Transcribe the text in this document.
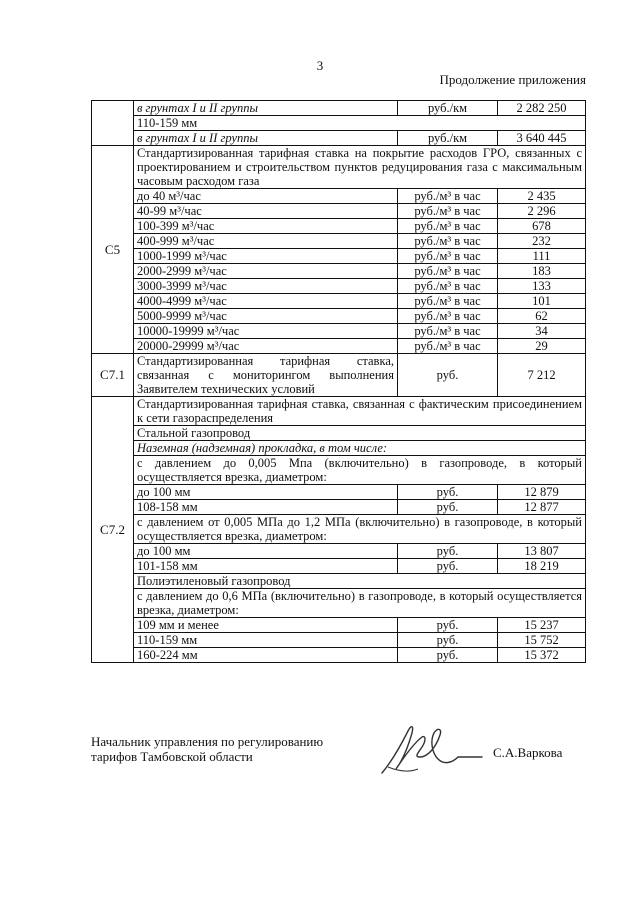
3
Продолжение приложения
	в грунтах I и II группы	руб./км	2 282 250
	110-159 мм		
	в грунтах I и II группы	руб./км	3 640 445
С5	Стандартизированная тарифная ставка на покрытие расходов ГРО, связанных с проектированием и строительством пунктов редуцирования газа с максимальным часовым расходом газа		
	до 40 м³/час	руб./м³ в час	2 435
	40-99 м³/час	руб./м³ в час	2 296
	100-399 м³/час	руб./м³ в час	678
	400-999 м³/час	руб./м³ в час	232
	1000-1999 м³/час	руб./м³ в час	111
	2000-2999 м³/час	руб./м³ в час	183
	3000-3999 м³/час	руб./м³ в час	133
	4000-4999 м³/час	руб./м³ в час	101
	5000-9999 м³/час	руб./м³ в час	62
	10000-19999 м³/час	руб./м³ в час	34
	20000-29999 м³/час	руб./м³ в час	29
С7.1	Стандартизированная тарифная ставка, связанная с мониторингом выполнения Заявителем технических условий	руб.	7 212
С7.2	Стандартизированная тарифная ставка, связанная с фактическим присоединением к сети газораспределения		
	Стальной газопровод		
	Наземная (надземная) прокладка, в том числе:		
	с давлением до 0,005 Мпа (включительно) в газопроводе, в который осуществляется врезка, диаметром:		
	до 100 мм	руб.	12 879
	108-158 мм	руб.	12 877
	с давлением от 0,005 МПа до 1,2 МПа (включительно) в газопроводе, в который осуществляется врезка, диаметром:		
	до 100 мм	руб.	13 807
	101-158 мм	руб.	18 219
	Полиэтиленовый газопровод		
	с давлением до 0,6 МПа (включительно) в газопроводе, в который осуществляется врезка, диаметром:		
	109 мм и менее	руб.	15 237
	110-159 мм	руб.	15 752
	160-224 мм	руб.	15 372
Начальник управления по регулированию
тарифов Тамбовской области	С.А.Варкова
